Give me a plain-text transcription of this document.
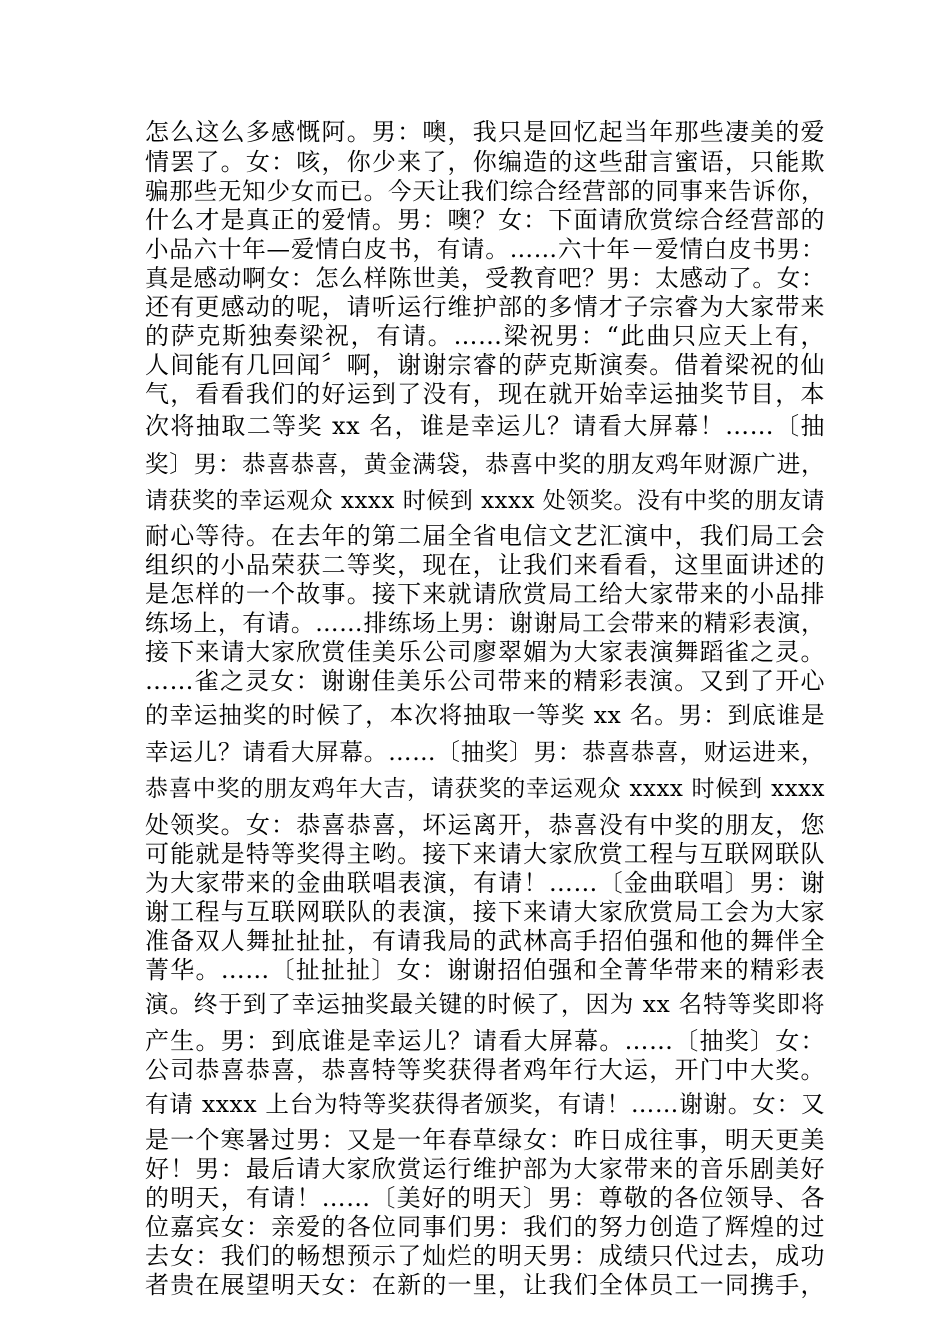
怎么这么多感慨阿。男：噢，我只是回忆起当年那些凄美的爱

情罢了。女：咳，你少来了，你编造的这些甜言蜜语，只能欺

骗那些无知少女而已。今天让我们综合经营部的同事来告诉你，

什么才是真正的爱情。男：噢？女：下面请欣赏综合经营部的

小品六十年—爱情白皮书，有请。……六十年－爱情白皮书男：

真是感动啊女：怎么样陈世美，受教育吧？男：太感动了。女：

还有更感动的呢，请听运行维护部的多情才子宗睿为大家带来

的萨克斯独奏梁祝，有请。……梁祝男：“此曲只应天上有，

人间能有几回闻〞啊，谢谢宗睿的萨克斯演奏。借着梁祝的仙

气，看看我们的好运到了没有，现在就开始幸运抽奖节目，本

次将抽取二等奖 xx 名，谁是幸运儿？请看大屏幕！……〔抽

奖〕男：恭喜恭喜，黄金满袋，恭喜中奖的朋友鸡年财源广进，

请获奖的幸运观众 xxxx 时候到 xxxx 处领奖。没有中奖的朋友请

耐心等待。在去年的第二届全省电信文艺汇演中，我们局工会

组织的小品荣获二等奖，现在，让我们来看看，这里面讲述的

是怎样的一个故事。接下来就请欣赏局工给大家带来的小品排

练场上，有请。……排练场上男：谢谢局工会带来的精彩表演，

接下来请大家欣赏佳美乐公司廖翠媚为大家表演舞蹈雀之灵。

……雀之灵女：谢谢佳美乐公司带来的精彩表演。又到了开心

的幸运抽奖的时候了，本次将抽取一等奖 xx 名。男：到底谁是

幸运儿？请看大屏幕。……〔抽奖〕男：恭喜恭喜，财运进来，

恭喜中奖的朋友鸡年大吉，请获奖的幸运观众 xxxx 时候到 xxxx

处领奖。女：恭喜恭喜，坏运离开，恭喜没有中奖的朋友，您

可能就是特等奖得主哟。接下来请大家欣赏工程与互联网联队

为大家带来的金曲联唱表演，有请！……〔金曲联唱〕男：谢

谢工程与互联网联队的表演，接下来请大家欣赏局工会为大家

准备双人舞扯扯扯，有请我局的武林高手招伯强和他的舞伴全

菁华。……〔扯扯扯〕女：谢谢招伯强和全菁华带来的精彩表

演。终于到了幸运抽奖最关键的时候了，因为 xx 名特等奖即将

产生。男：到底谁是幸运儿？请看大屏幕。……〔抽奖〕女：

公司恭喜恭喜，恭喜特等奖获得者鸡年行大运，开门中大奖。

有请 xxxx 上台为特等奖获得者颁奖，有请！……谢谢。女：又

是一个寒暑过男：又是一年春草绿女：昨日成往事，明天更美

好！男：最后请大家欣赏运行维护部为大家带来的音乐剧美好

的明天，有请！……〔美好的明天〕男：尊敬的各位领导、各

位嘉宾女：亲爱的各位同事们男：我们的努力创造了辉煌的过

去女：我们的畅想预示了灿烂的明天男：成绩只代过去，成功

者贵在展望明天女：在新的一里，让我们全体员工一同携手，
